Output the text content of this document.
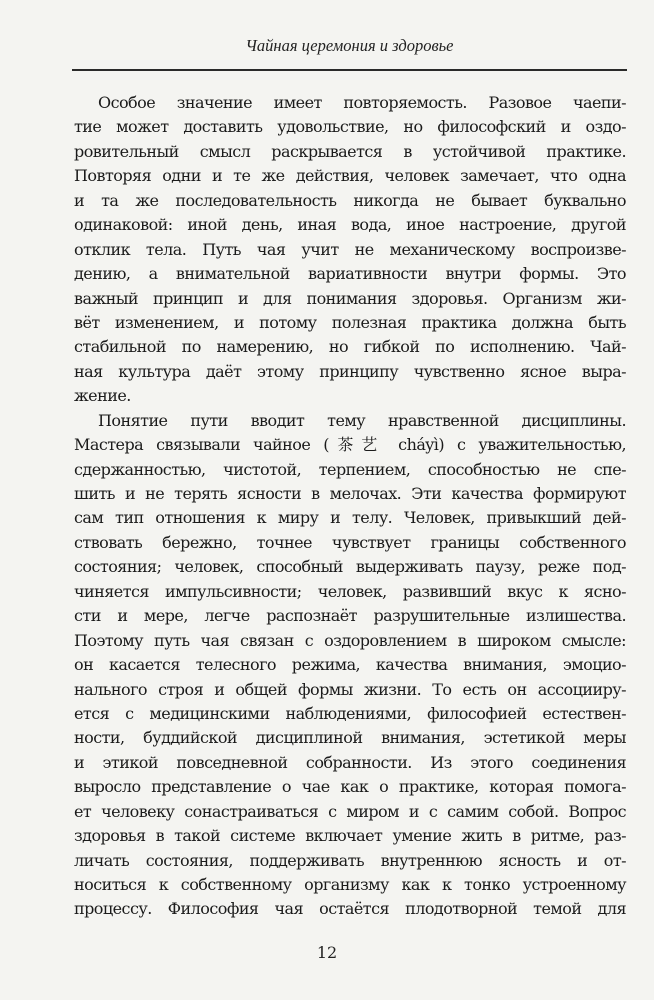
Чайная церемония и здоровье
Особое значение имеет повторяемость. Разовое чаепи-
тие может доставить удовольствие, но философский и оздо-
ровительный смысл раскрывается в устойчивой практике.
Повторяя одни и те же действия, человек замечает, что одна
и та же последовательность никогда не бывает буквально
одинаковой: иной день, иная вода, иное настроение, другой
отклик тела. Путь чая учит не механическому воспроизве-
дению, а внимательной вариативности внутри формы. Это
важный принцип и для понимания здоровья. Организм жи-
вёт изменением, и потому полезная практика должна быть
стабильной по намерению, но гибкой по исполнению. Чай-
ная культура даёт этому принципу чувственно ясное выра-
жение.
Понятие пути вводит тему нравственной дисциплины.
Мастера связывали чайное (茶艺 cháyì) с уважительностью,
сдержанностью, чистотой, терпением, способностью не спе-
шить и не терять ясности в мелочах. Эти качества формируют
сам тип отношения к миру и телу. Человек, привыкший дей-
ствовать бережно, точнее чувствует границы собственного
состояния; человек, способный выдерживать паузу, реже под-
чиняется импульсивности; человек, развивший вкус к ясно-
сти и мере, легче распознаёт разрушительные излишества.
Поэтому путь чая связан с оздоровлением в широком смысле:
он касается телесного режима, качества внимания, эмоцио-
нального строя и общей формы жизни. То есть он ассоцииру-
ется с медицинскими наблюдениями, философией естествен-
ности, буддийской дисциплиной внимания, эстетикой меры
и этикой повседневной собранности. Из этого соединения
выросло представление о чае как о практике, которая помога-
ет человеку сонастраиваться с миром и с самим собой. Вопрос
здоровья в такой системе включает умение жить в ритме, раз-
личать состояния, поддерживать внутреннюю ясность и от-
носиться к собственному организму как к тонко устроенному
процессу. Философия чая остаётся плодотворной темой для
12
